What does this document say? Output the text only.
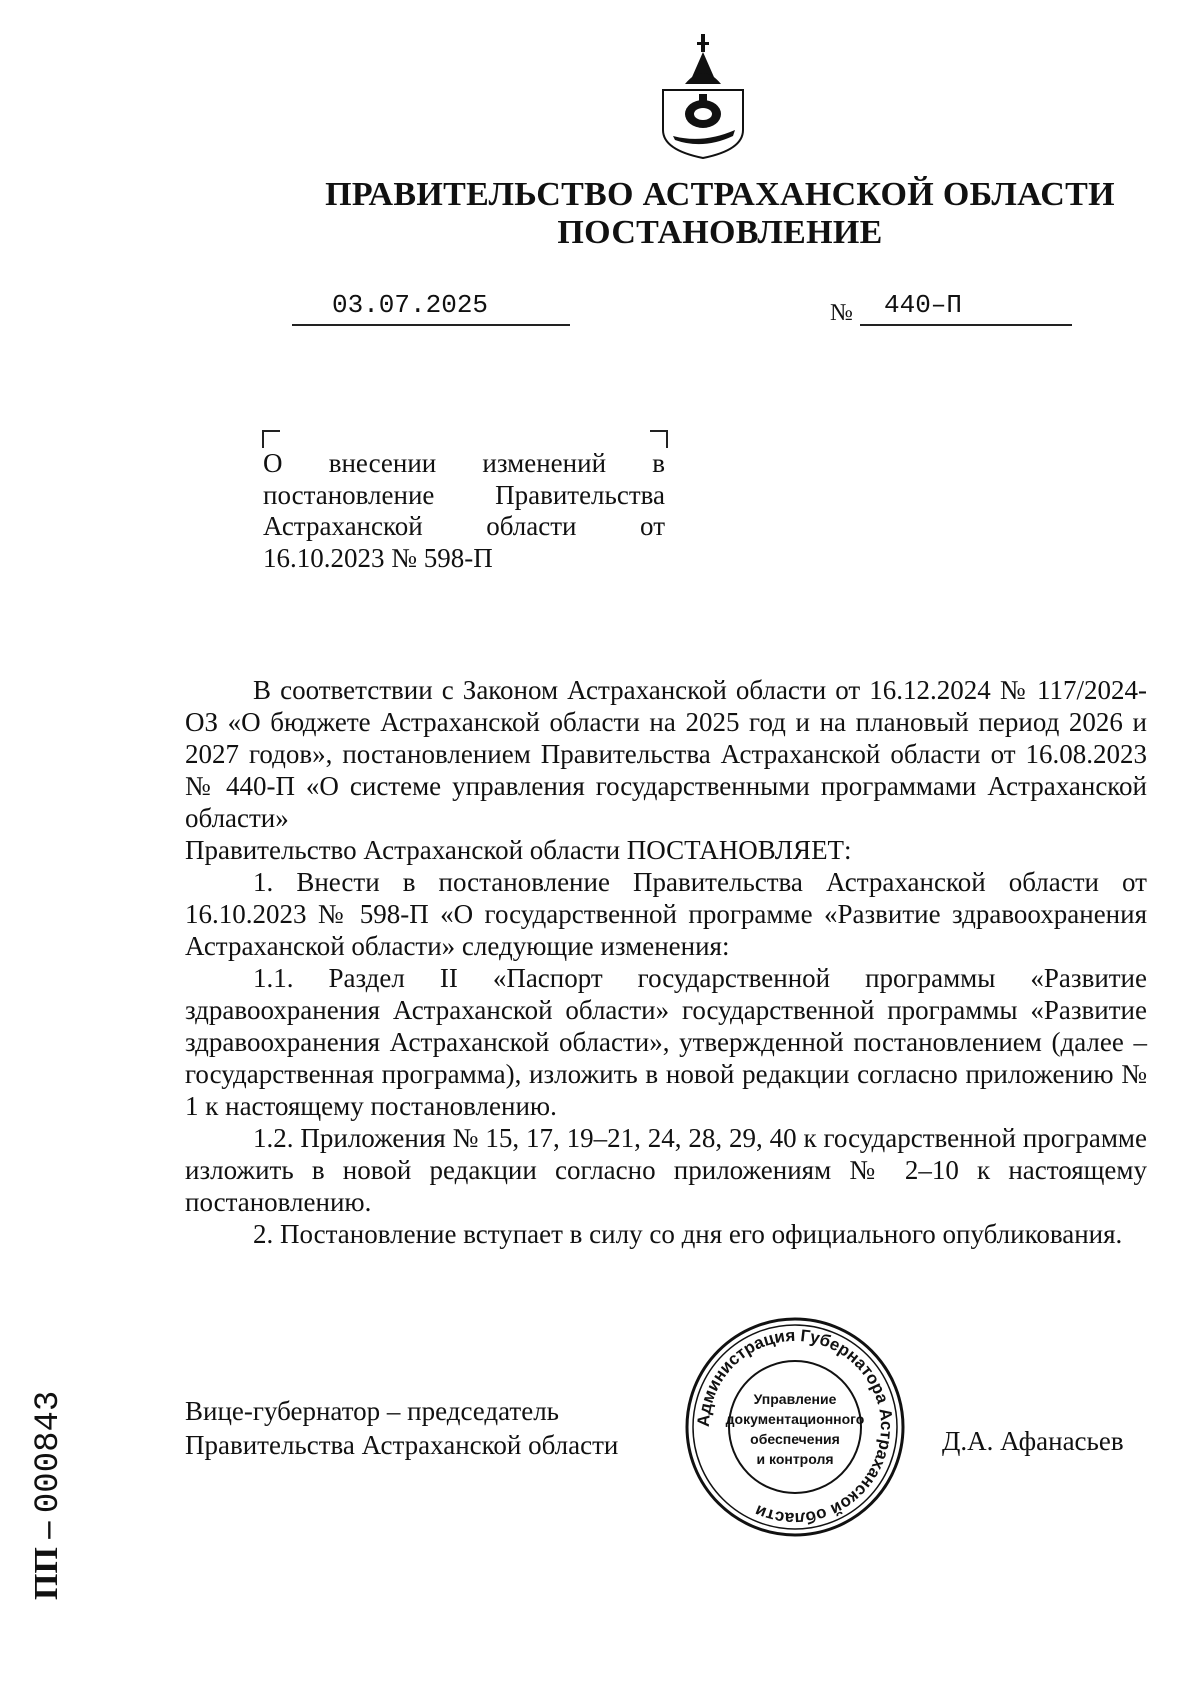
ПРАВИТЕЛЬСТВО АСТРАХАНСКОЙ ОБЛАСТИ
ПОСТАНОВЛЕНИЕ
03.07.2025	№ 440–П
О внесении изменений в постановление Правительства Астраханской области от 16.10.2023 № 598-П

В соответствии с Законом Астраханской области от 16.12.2024 № 117/2024-ОЗ «О бюджете Астраханской области на 2025 год и на плановый период 2026 и 2027 годов», постановлением Правительства Астраханской области от 16.08.2023 № 440-П «О системе управления государственными программами Астраханской области»

Правительство Астраханской области ПОСТАНОВЛЯЕТ:

1. Внести в постановление Правительства Астраханской области от 16.10.2023 № 598-П «О государственной программе «Развитие здравоохранения Астраханской области» следующие изменения:

1.1. Раздел II «Паспорт государственной программы «Развитие здравоохранения Астраханской области» государственной программы «Развитие здравоохранения Астраханской области», утвержденной постановлением (далее – государственная программа), изложить в новой редакции согласно приложению № 1 к настоящему постановлению.

1.2. Приложения № 15, 17, 19–21, 24, 28, 29, 40 к государственной программе изложить в новой редакции согласно приложениям № 2–10 к настоящему постановлению.

2. Постановление вступает в силу со дня его официального опубликования.

Вице-губернатор – председатель
Правительства Астраханской области
Администрация Губернатора Астраханской области
Управление
документационного
обеспечения
и контроля
Д.А. Афанасьев
ПП – 000843
